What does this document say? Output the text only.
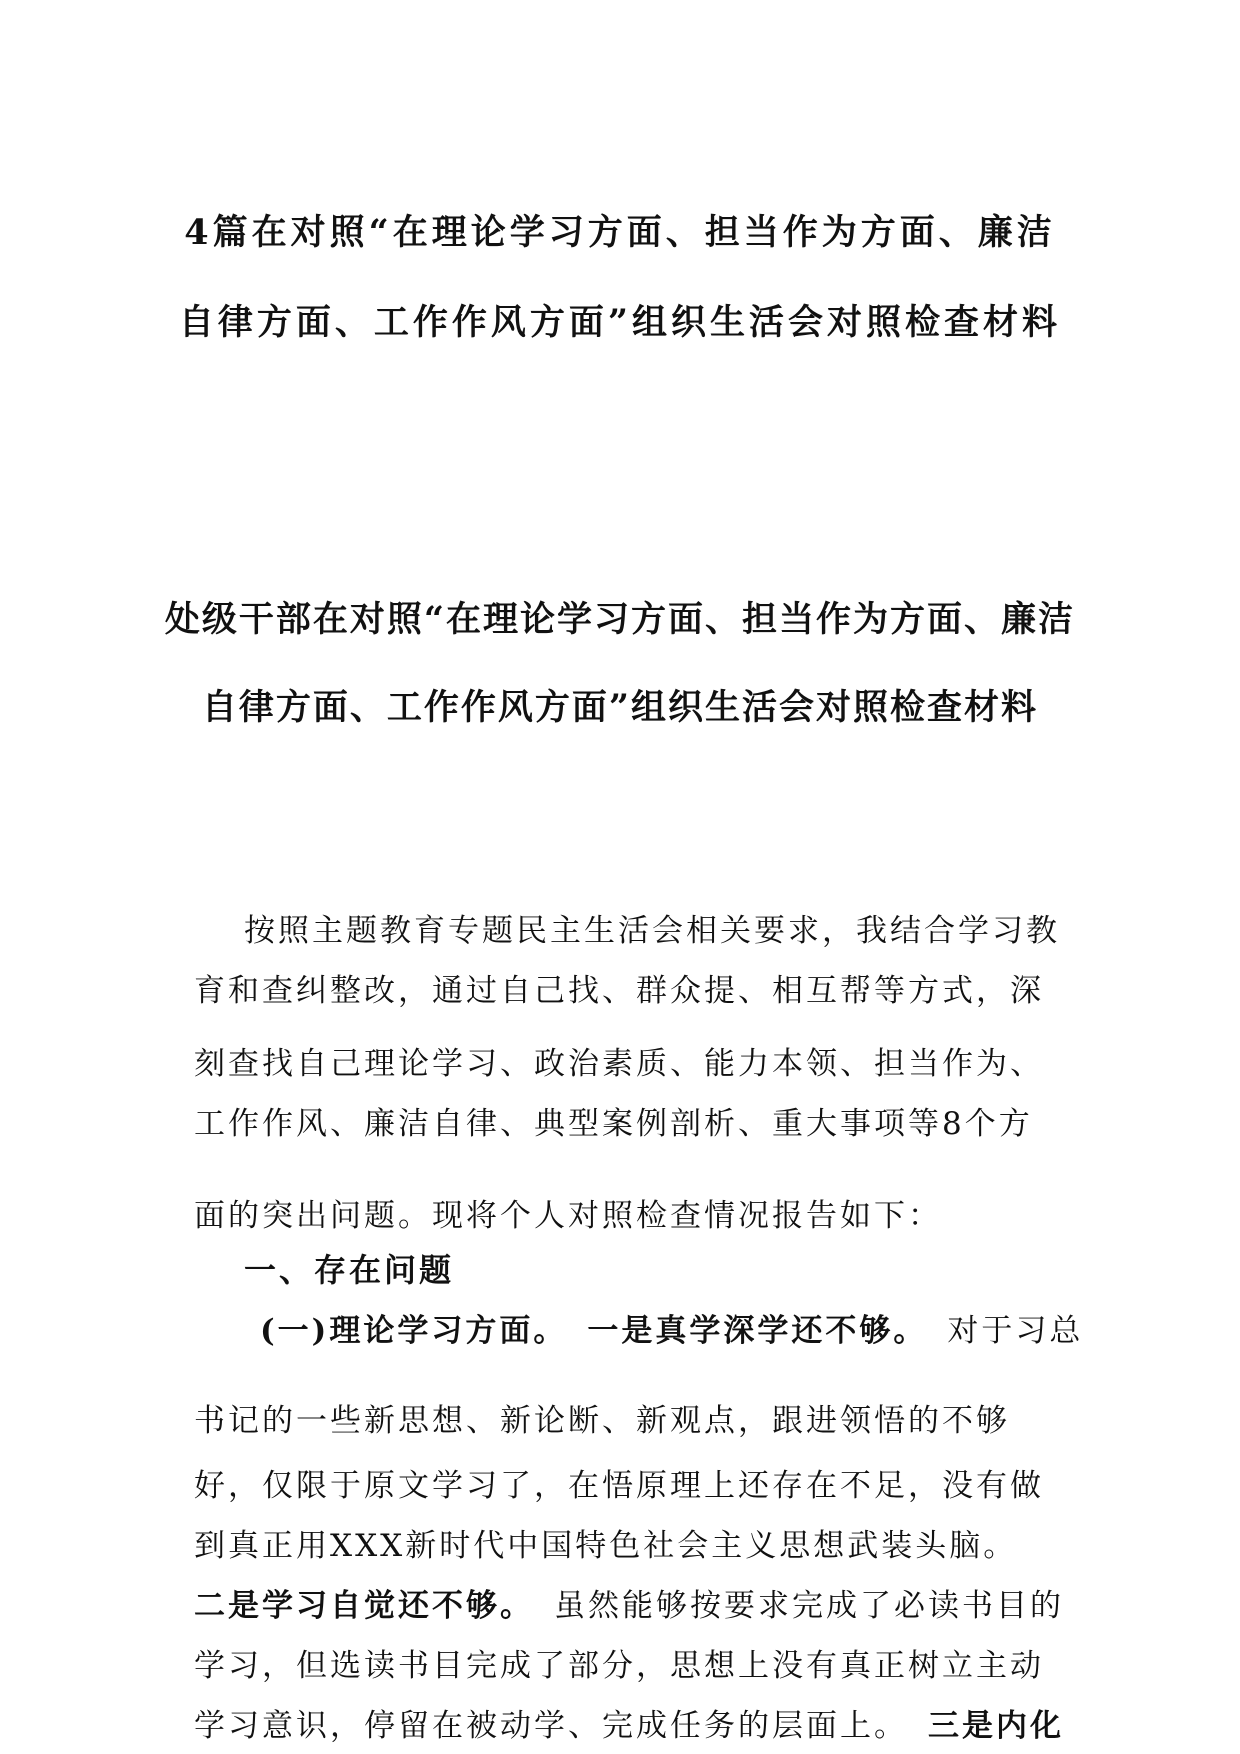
4篇在对照“在理论学习方面、担当作为方面、廉洁
自律方面、工作作风方面”组织生活会对照检查材料
处级干部在对照“在理论学习方面、担当作为方面、廉洁
自律方面、工作作风方面”组织生活会对照检查材料
按照主题教育专题民主生活会相关要求，我结合学习教
育和查纠整改，通过自己找、群众提、相互帮等方式，深
刻查找自己理论学习、政治素质、能力本领、担当作为、
工作作风、廉洁自律、典型案例剖析、重大事项等8个方
面的突出问题。现将个人对照检查情况报告如下：
一、存在问题
(一)理论学习方面。 一是真学深学还不够。 对于习总
书记的一些新思想、新论断、新观点，跟进领悟的不够
好，仅限于原文学习了，在悟原理上还存在不足，没有做
到真正用XXX新时代中国特色社会主义思想武装头脑。
二是学习自觉还不够。 虽然能够按要求完成了必读书目的
学习，但选读书目完成了部分，思想上没有真正树立主动
学习意识，停留在被动学、完成任务的层面上。 三是内化
